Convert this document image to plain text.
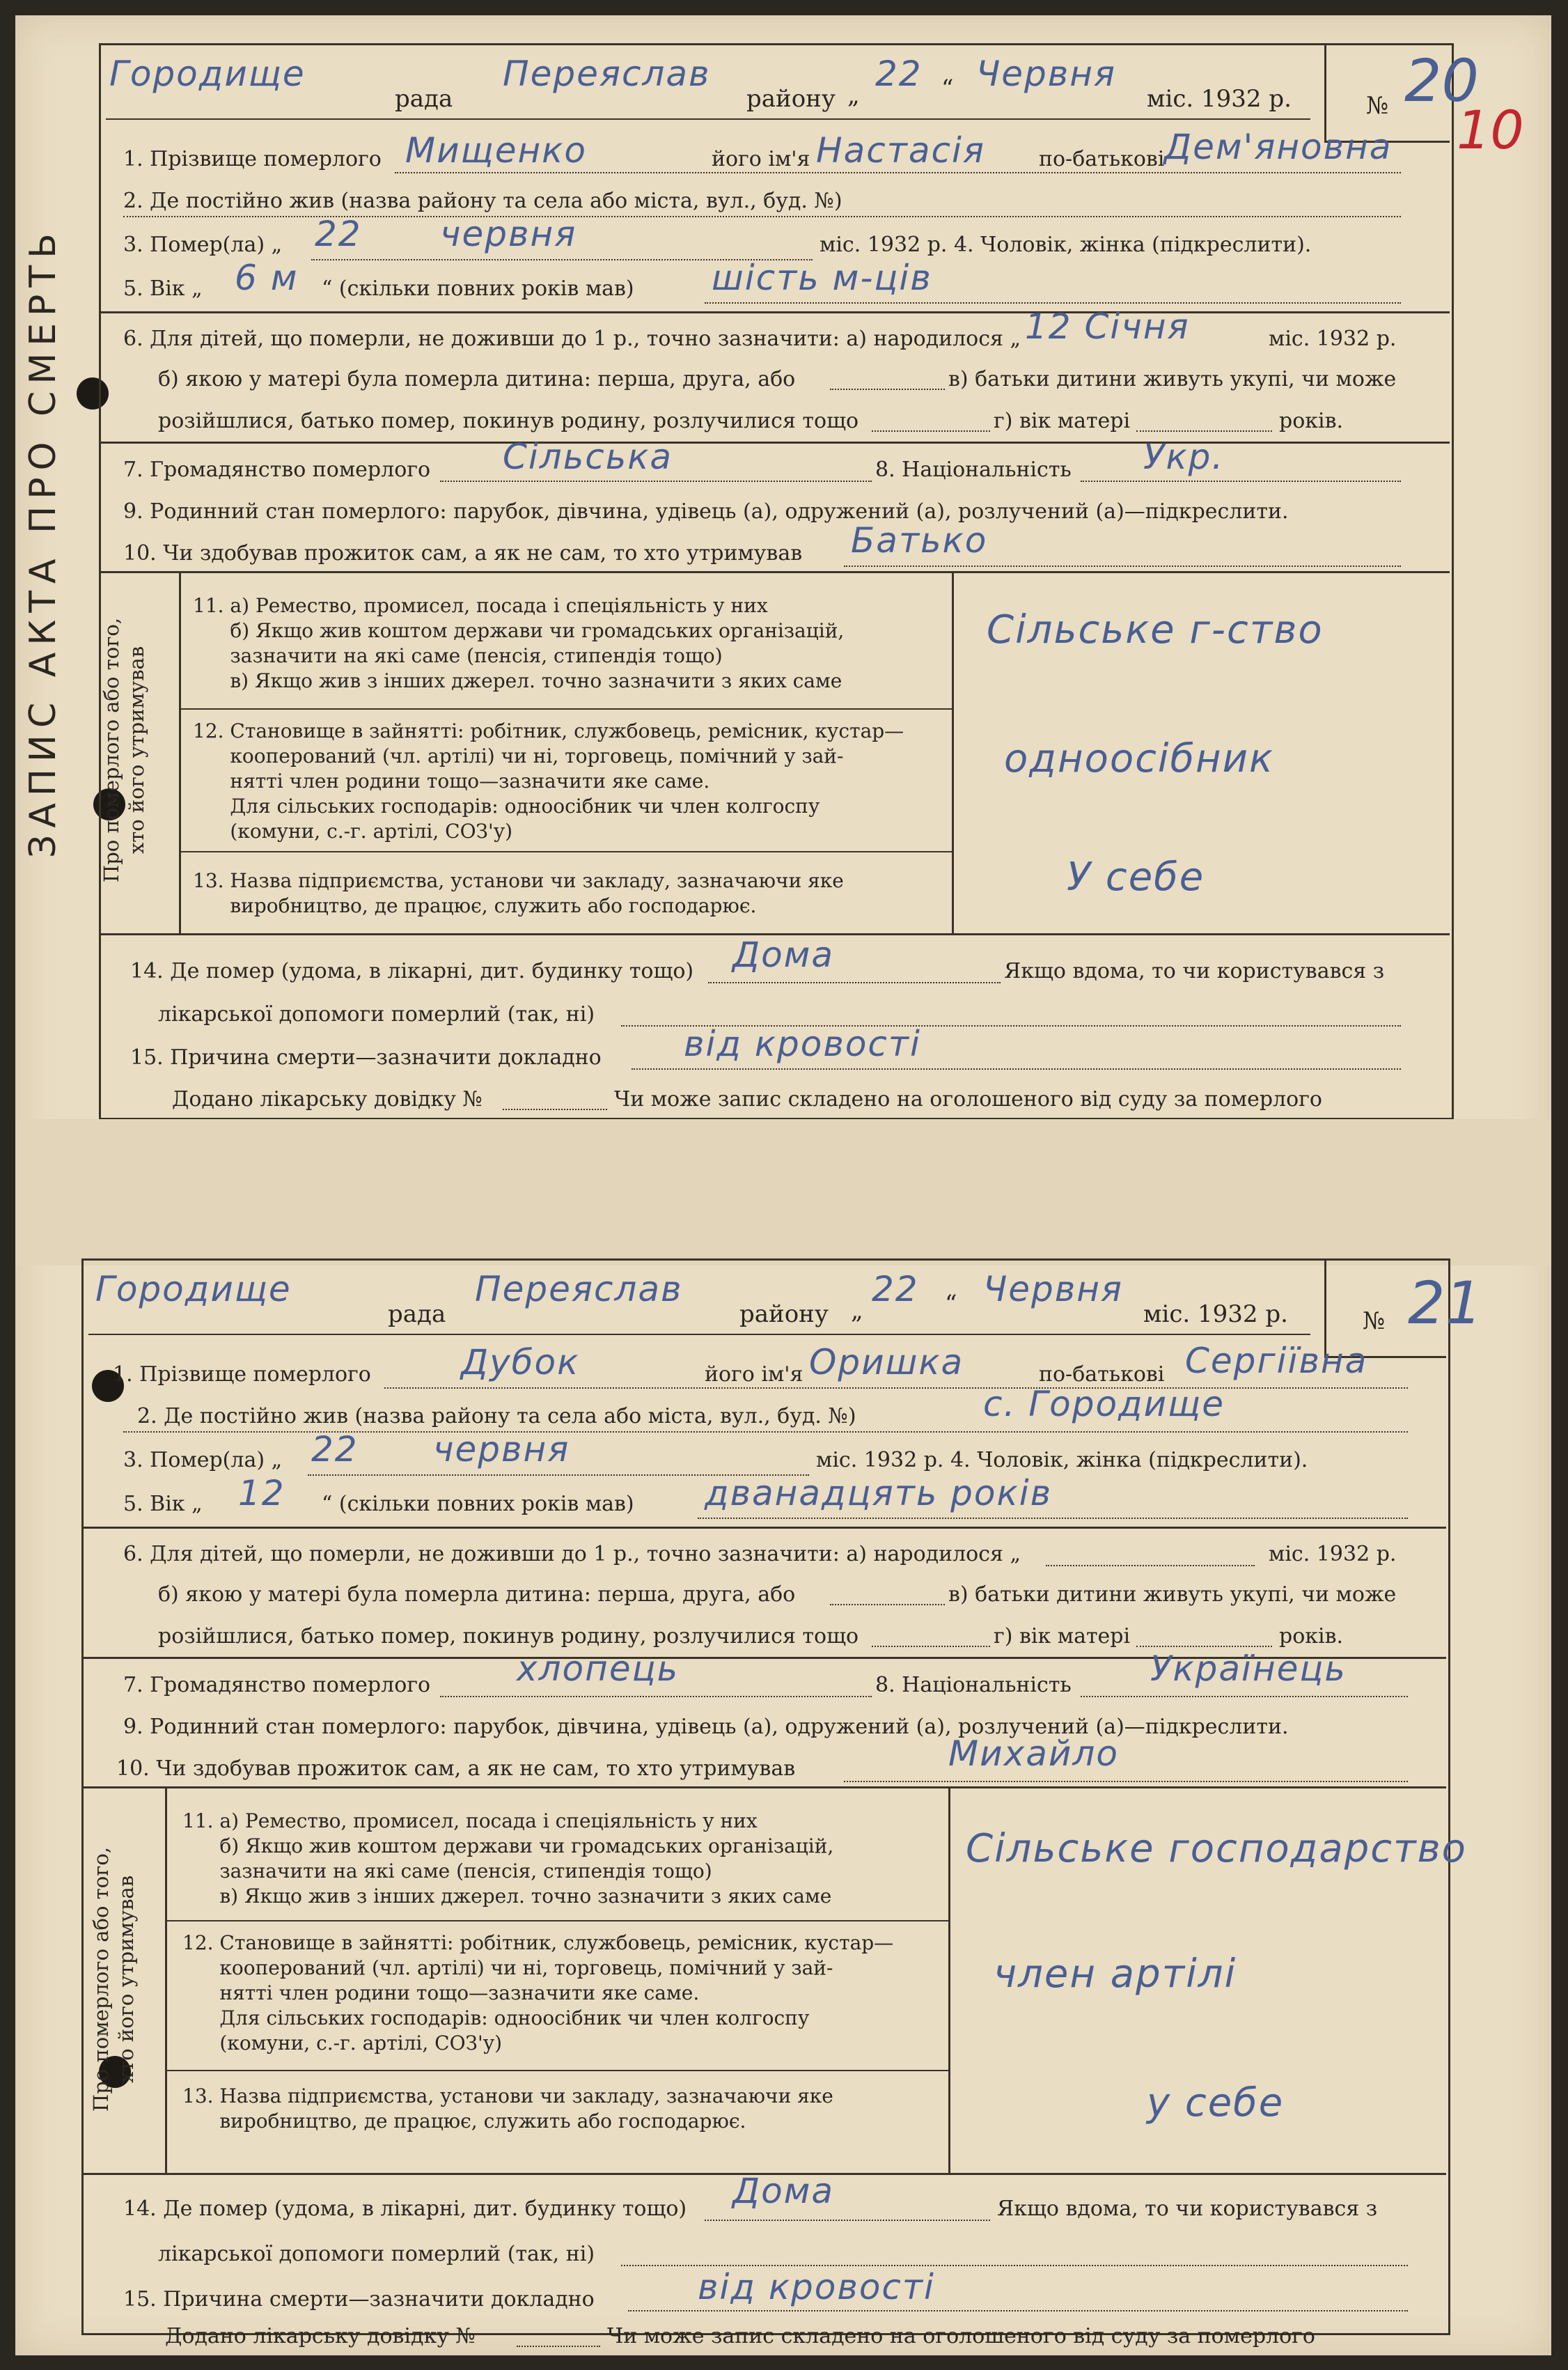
ЗАПИС АКТА ПРО СМЕРТЬ
Городище
рада
Переяслав
району „
22 “ Червня
міс. 1932 р.	№ 20
10
1. Прізвище померлого Мищенко	його ім'я Настасія	по-батькові Дем'яновна
2. Де постійно жив (назва району та села або міста, вул., буд. №)
3. Помер(ла) „ 22 червня	міс. 1932 р. 4. Чоловік, жінка (підкреслити).
5. Вік „ 6 м “ (скільки повних років мав) шість м-ців
6. Для дітей, що померли, не доживши до 1 р., точно зазначити: а) народилося „ 12 Січня	міс. 1932 р.
б) якою у матері була померла дитина: перша, друга, або	в) батьки дитини живуть укупі, чи може
розійшлися, батько помер, покинув родину, розлучилися тощо	г) вік матері	років.
7. Громадянство померлого Сільська	8. Національність Укр.
9. Родинний стан померлого: парубок, дівчина, удівець (а), одружений (а), розлучений (а)—підкреслити.
10. Чи здобував прожиток сам, а як не сам, то хто утримував Батько
Про померлого або того,
хто його утримував
11. а) Ремество, промисел, посада і спеціяльність у них
б) Якщо жив коштом держави чи громадських організацій,
зазначити на які саме (пенсія, стипендія тощо)
в) Якщо жив з інших джерел. точно зазначити з яких саме
Сільське г-ство
12. Становище в зайнятті: робітник, службовець, ремісник, кустар—
кооперований (чл. артілі) чи ні, торговець, помічний у зай-
нятті член родини тощо—зазначити яке саме.
Для сільських господарів: одноосібник чи член колгоспу
(комуни, с.-г. артілі, СОЗ'у)
одноосібник
13. Назва підприємства, установи чи закладу, зазначаючи яке
виробництво, де працює, служить або господарює.
У себе
14. Де помер (удома, в лікарні, дит. будинку тощо) Дома	Якщо вдома, то чи користувався з
лікарської допомоги померлий (так, ні)
15. Причина смерти—зазначити докладно від кровості
Додано лікарську довідку №	Чи може запис складено на оголошеного від суду за померлого
Городище
рада
Переяслав
району „
22 “ Червня
міс. 1932 р.	№ 21
1. Прізвище померлого	Дубок	його ім'я Оришка	по-батькові Сергіївна
2. Де постійно жив (назва району та села або міста, вул., буд. №)	с. Городище
3. Помер(ла) „ 22 червня	міс. 1932 р. 4. Чоловік, жінка (підкреслити).
5. Вік „ 12 “ (скільки повних років мав) дванадцять років
6. Для дітей, що померли, не доживши до 1 р., точно зазначити: а) народилося „	міс. 1932 р.
б) якою у матері була померла дитина: перша, друга, або	в) батьки дитини живуть укупі, чи може
розійшлися, батько помер, покинув родину, розлучилися тощо	г) вік матері	років.
7. Громадянство померлого хлопець	8. Національність Українець
9. Родинний стан померлого: парубок, дівчина, удівець (а), одружений (а), розлучений (а)—підкреслити.
10. Чи здобував прожиток сам, а як не сам, то хто утримував	Михайло
Про померлого або того,
хто його утримував
11. а) Ремество, промисел, посада і спеціяльність у них
б) Якщо жив коштом держави чи громадських організацій,
зазначити на які саме (пенсія, стипендія тощо)
в) Якщо жив з інших джерел. точно зазначити з яких саме
Сільське господарство
12. Становище в зайнятті: робітник, службовець, ремісник, кустар—
кооперований (чл. артілі) чи ні, торговець, помічний у зай-
нятті член родини тощо—зазначити яке саме.
Для сільських господарів: одноосібник чи член колгоспу
(комуни, с.-г. артілі, СОЗ'у)
член артілі
13. Назва підприємства, установи чи закладу, зазначаючи яке
виробництво, де працює, служить або господарює.	у себе
14. Де помер (удома, в лікарні, дит. будинку тощо) Дома	Якщо вдома, то чи користувався з
лікарської допомоги померлий (так, ні)
15. Причина смерти—зазначити докладно	від кровості
Додано лікарську довідку №	Чи може запис складено на оголошеного від суду за померлого
